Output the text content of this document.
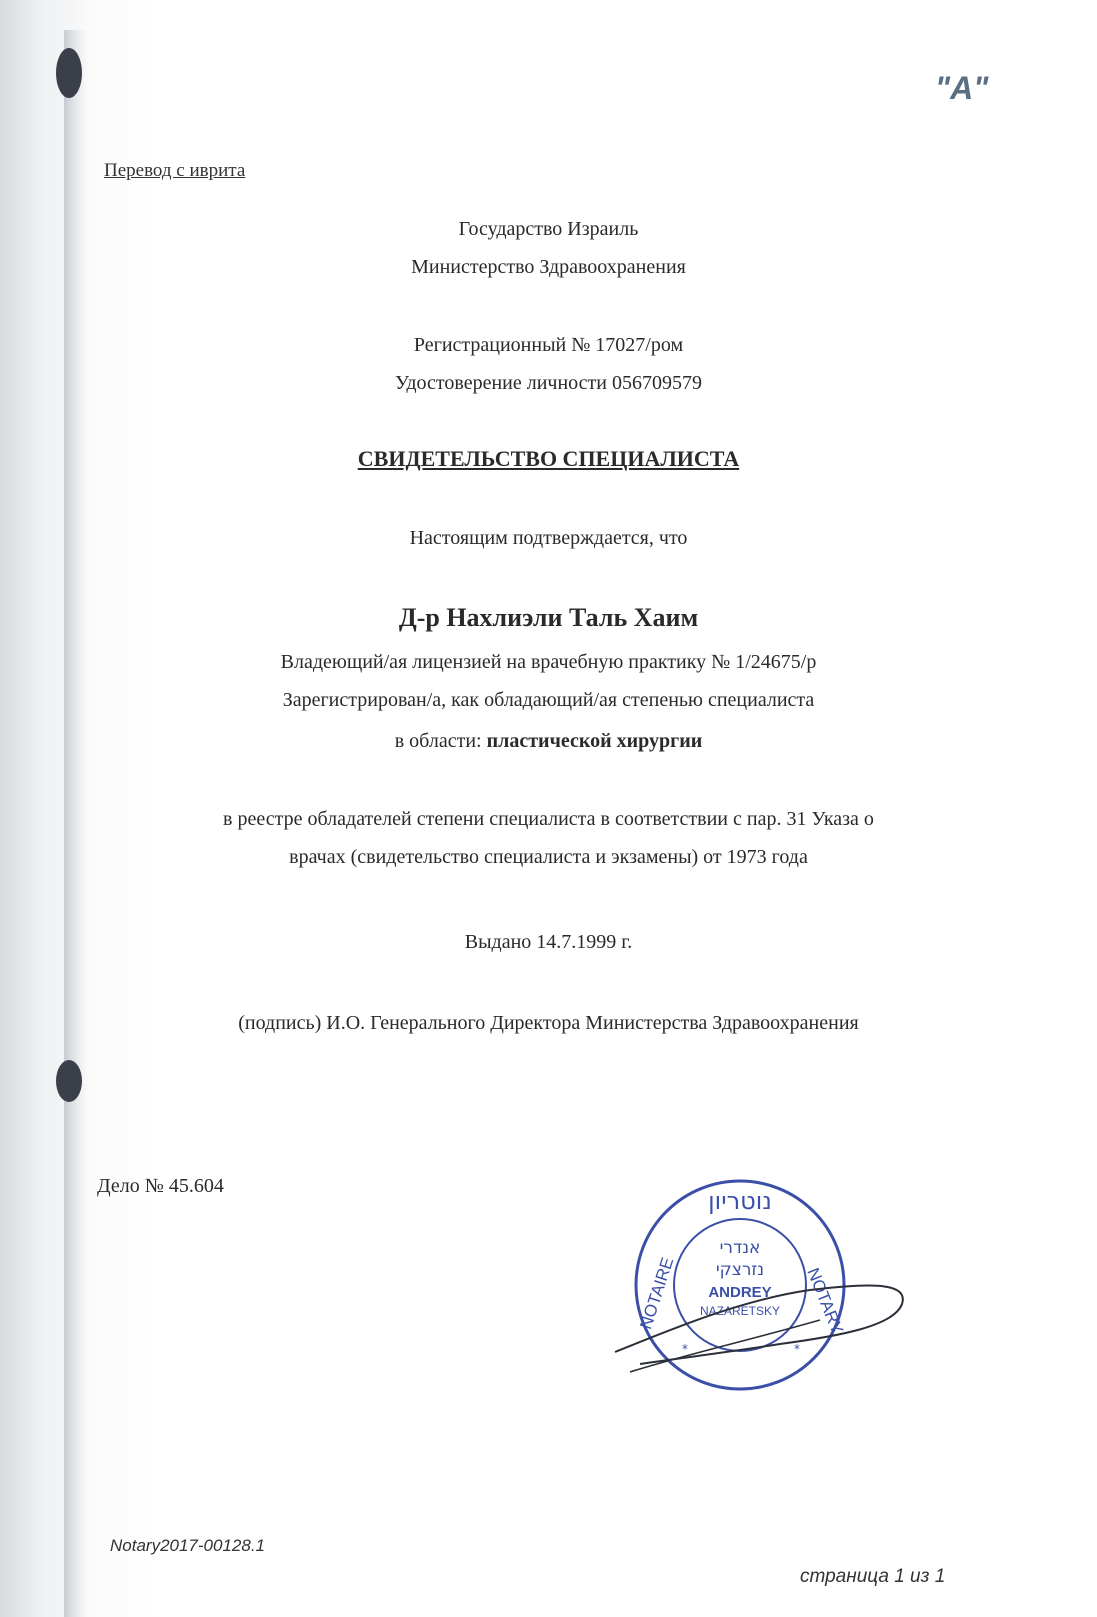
"А"
Перевод с иврита
Государство Израиль
Министерство Здравоохранения
Регистрационный № 17027/ром
Удостоверение личности 056709579
СВИДЕТЕЛЬСТВО СПЕЦИАЛИСТА
Настоящим подтверждается, что
Д-р Нахлиэли Таль Хаим
Владеющий/ая лицензией на врачебную практику № 1/24675/р
Зарегистрирован/а, как обладающий/ая степенью специалиста
в области: пластической хирургии
в реестре обладателей степени специалиста в соответствии с пар. 31 Указа о
врачах (свидетельство специалиста и экзамены) от 1973 года
Выдано 14.7.1999 г.
(подпись) И.О. Генерального Директора Министерства Здравоохранения
Дело № 45.604
נוטריון
NOTAIRE	NOTARY
*	*
אנדרי
נזרצקי
ANDREY
NAZARETSKY
Notary2017-00128.1
страница 1 из 1
